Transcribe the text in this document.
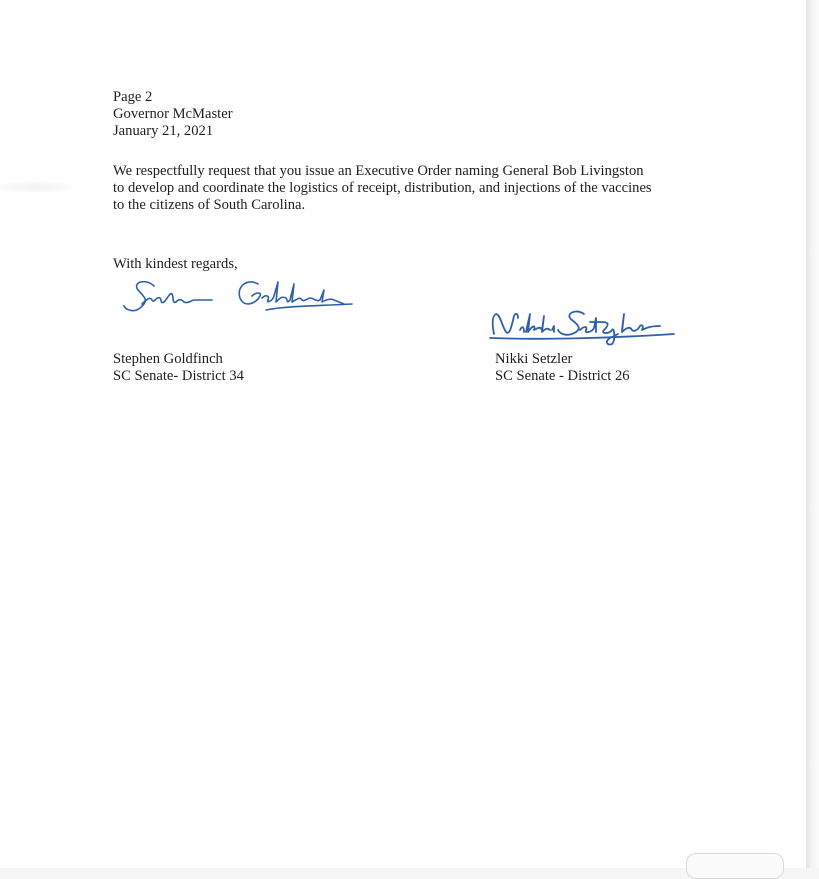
Page 2
Governor McMaster
January 21, 2021
We respectfully request that you issue an Executive Order naming General Bob Livingston
to develop and coordinate the logistics of receipt, distribution, and injections of the vaccines
to the citizens of South Carolina.

With kindest regards,

Stephen Goldfinch
SC Senate- District 34
Nikki Setzler
SC Senate - District 26
